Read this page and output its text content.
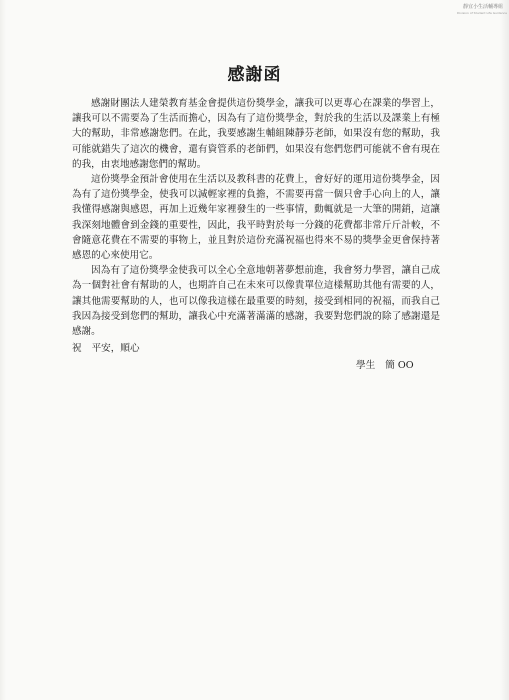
靜宜小生活輔導組
Division of Student Life Guidance
感謝函

感謝財團法人建榮教育基金會提供這份獎學金，讓我可以更專心在課業的學習上，讓我可以不需要為了生活而擔心，因為有了這份獎學金，對於我的生活以及課業上有極大的幫助，非常感謝您們。在此，我要感謝生輔組陳靜芬老師，如果沒有您的幫助，我可能就錯失了這次的機會，還有資管系的老師們，如果沒有您們您們可能就不會有現在的我，由衷地感謝您們的幫助。

這份獎學金預計會使用在生活以及教科書的花費上，會好好的運用這份獎學金，因為有了這份獎學金，使我可以減輕家裡的負擔，不需要再當一個只會手心向上的人，讓我懂得感謝與感恩，再加上近幾年家裡發生的一些事情，動輒就是一大筆的開銷，這讓我深刻地體會到金錢的重要性，因此，我平時對於每一分錢的花費都非常斤斤計較，不會隨意花費在不需要的事物上，並且對於這份充滿祝福也得來不易的獎學金更會保持著感恩的心來使用它。

因為有了這份獎學金使我可以全心全意地朝著夢想前進，我會努力學習，讓自己成為一個對社會有幫助的人，也期許自己在未來可以像貴單位這樣幫助其他有需要的人，讓其他需要幫助的人，也可以像我這樣在最重要的時刻，接受到相同的祝福，而我自己我因為接受到您們的幫助，讓我心中充滿著滿滿的感謝，我要對您們說的除了感謝還是感謝。

祝 平安，順心
學生 簡 OO
